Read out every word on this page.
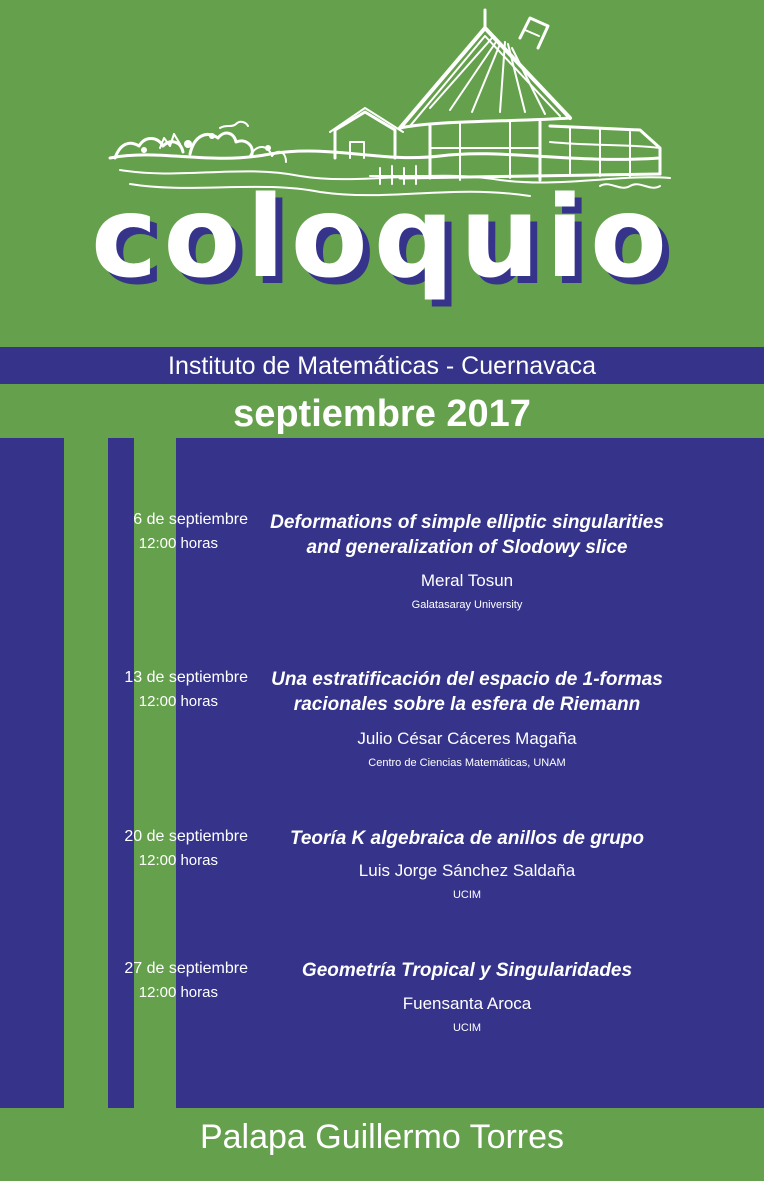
coloquio
Instituto de Matemáticas - Cuernavaca
septiembre 2017
6 de septiembre
12:00 horas
Deformations of simple elliptic singularities
and generalization of Slodowy slice
Meral Tosun
Galatasaray University
13 de septiembre
12:00 horas
Una estratificación del espacio de 1-formas
racionales sobre la esfera de Riemann
Julio César Cáceres Magaña
Centro de Ciencias Matemáticas, UNAM
20 de septiembre
12:00 horas
Teoría K algebraica de anillos de grupo
Luis Jorge Sánchez Saldaña
UCIM
27 de septiembre
12:00 horas
Geometría Tropical y Singularidades
Fuensanta Aroca
UCIM
Palapa Guillermo Torres
